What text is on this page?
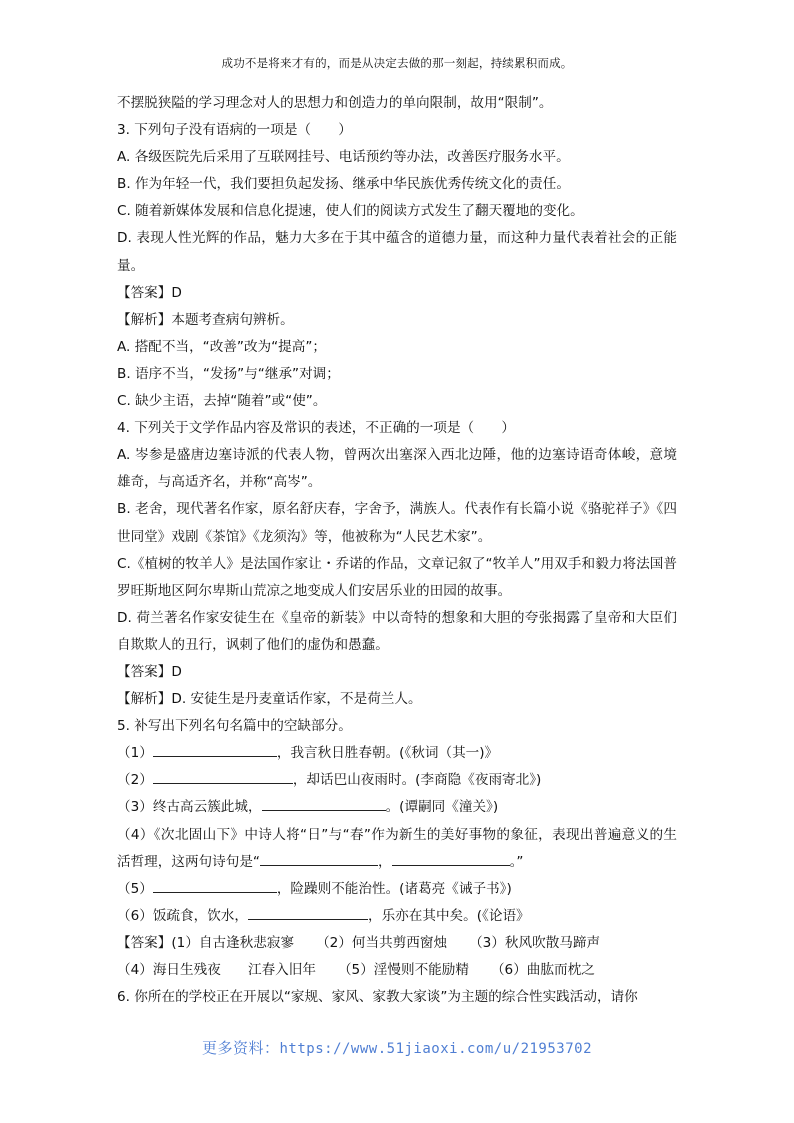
成功不是将来才有的，而是从决定去做的那一刻起，持续累积而成。

不摆脱狭隘的学习理念对人的思想力和创造力的单向限制，故用“限制”。

3. 下列句子没有语病的一项是（　　）

A. 各级医院先后采用了互联网挂号、电话预约等办法，改善医疗服务水平。

B. 作为年轻一代，我们要担负起发扬、继承中华民族优秀传统文化的责任。

C. 随着新媒体发展和信息化提速，使人们的阅读方式发生了翻天覆地的变化。

D. 表现人性光辉的作品，魅力大多在于其中蕴含的道德力量，而这种力量代表着社会的正能量。

【答案】D

【解析】本题考查病句辨析。

A. 搭配不当，“改善”改为“提高”；

B. 语序不当，“发扬”与“继承”对调；

C. 缺少主语，去掉“随着”或“使”。

4. 下列关于文学作品内容及常识的表述，不正确的一项是（　　）

A. 岑参是盛唐边塞诗派的代表人物，曾两次出塞深入西北边陲，他的边塞诗语奇体峻，意境雄奇，与高适齐名，并称“高岑”。

B. 老舍，现代著名作家，原名舒庆春，字舍予，满族人。代表作有长篇小说《骆驼祥子》《四世同堂》戏剧《茶馆》《龙须沟》等，他被称为“人民艺术家”。

C.《植树的牧羊人》是法国作家让・乔诺的作品，文章记叙了“牧羊人”用双手和毅力将法国普罗旺斯地区阿尔卑斯山荒凉之地变成人们安居乐业的田园的故事。

D. 荷兰著名作家安徒生在《皇帝的新装》中以奇特的想象和大胆的夸张揭露了皇帝和大臣们自欺欺人的丑行，讽刺了他们的虚伪和愚蠢。

【答案】D

【解析】D. 安徒生是丹麦童话作家，不是荷兰人。

5. 补写出下列名句名篇中的空缺部分。

（1）	，我言秋日胜春朝。(《秋词（其一)》

（2）	，却话巴山夜雨时。(李商隐《夜雨寄北》)

（3）终古高云簇此城，	。(谭嗣同《潼关》)

（4）《次北固山下》中诗人将“日”与“春”作为新生的美好事物的象征，表现出普遍意义的生活哲理，这两句诗句是“	，	。”

（5）	，险躁则不能治性。(诸葛亮《诫子书》)

（6）饭疏食，饮水，	，乐亦在其中矣。(《论语》

【答案】(1）自古逢秋悲寂寥 （2）何当共剪西窗烛 （3）秋风吹散马蹄声

（4）海日生残夜　　江春入旧年 （5）淫慢则不能励精 （6）曲肱而枕之

6. 你所在的学校正在开展以“家规、家风、家教大家谈”为主题的综合性实践活动，请你

更多资料：https://www.51jiaoxi.com/u/21953702
